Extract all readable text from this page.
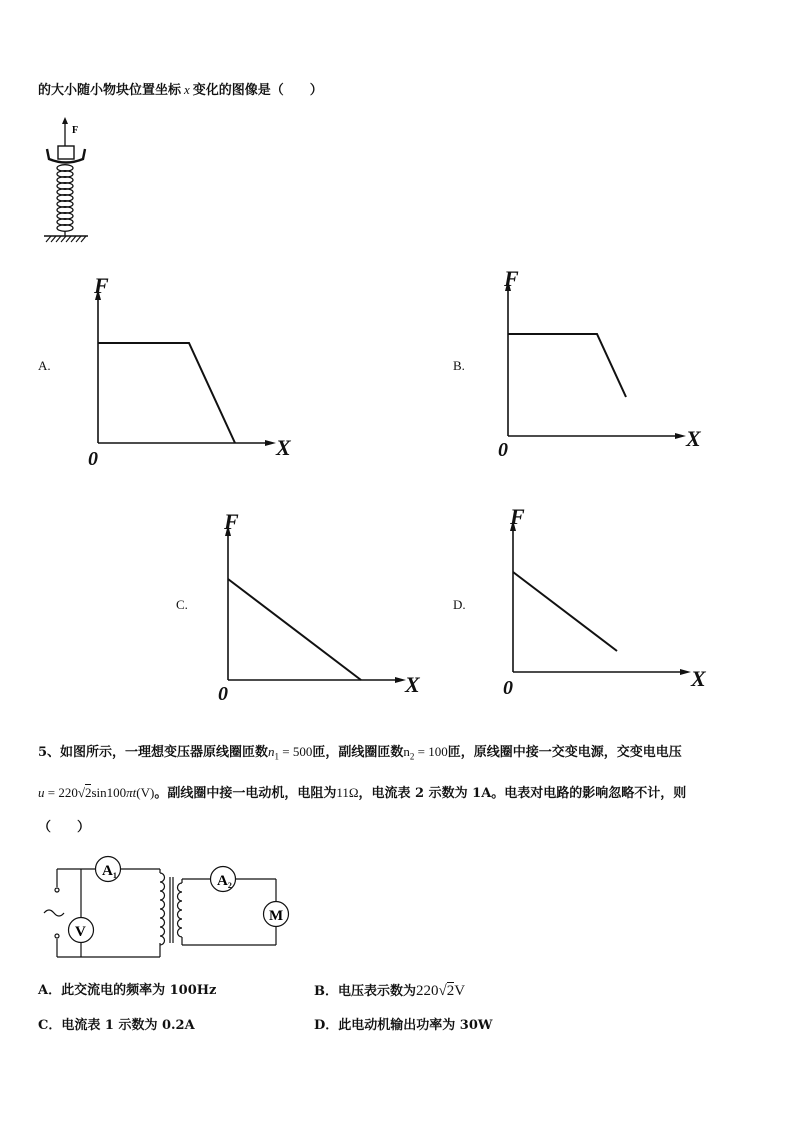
的大小随小物块位置坐标 x 变化的图像是（　　）
F
A.
F
X
0
B.
F
X
0
C.
F
X
0
D.
F
X
0
5、如图所示，一理想变压器原线圈匝数$n_1 = 500$匝，副线圈匝数$n_2 = 100$匝，原线圈中接一交变电源，交变电电压
u = 220√2sin100πt(V)。副线圈中接一电动机，电阻为11Ω，电流表 2 示数为 1A。电表对电路的影响忽略不计，则
（　　）
$A_1$
V
$A_2$
M
A．此交流电的频率为 100Hz	B．电压表示数为220√2V
C．电流表 1 示数为 0.2A	D．此电动机输出功率为 30W
